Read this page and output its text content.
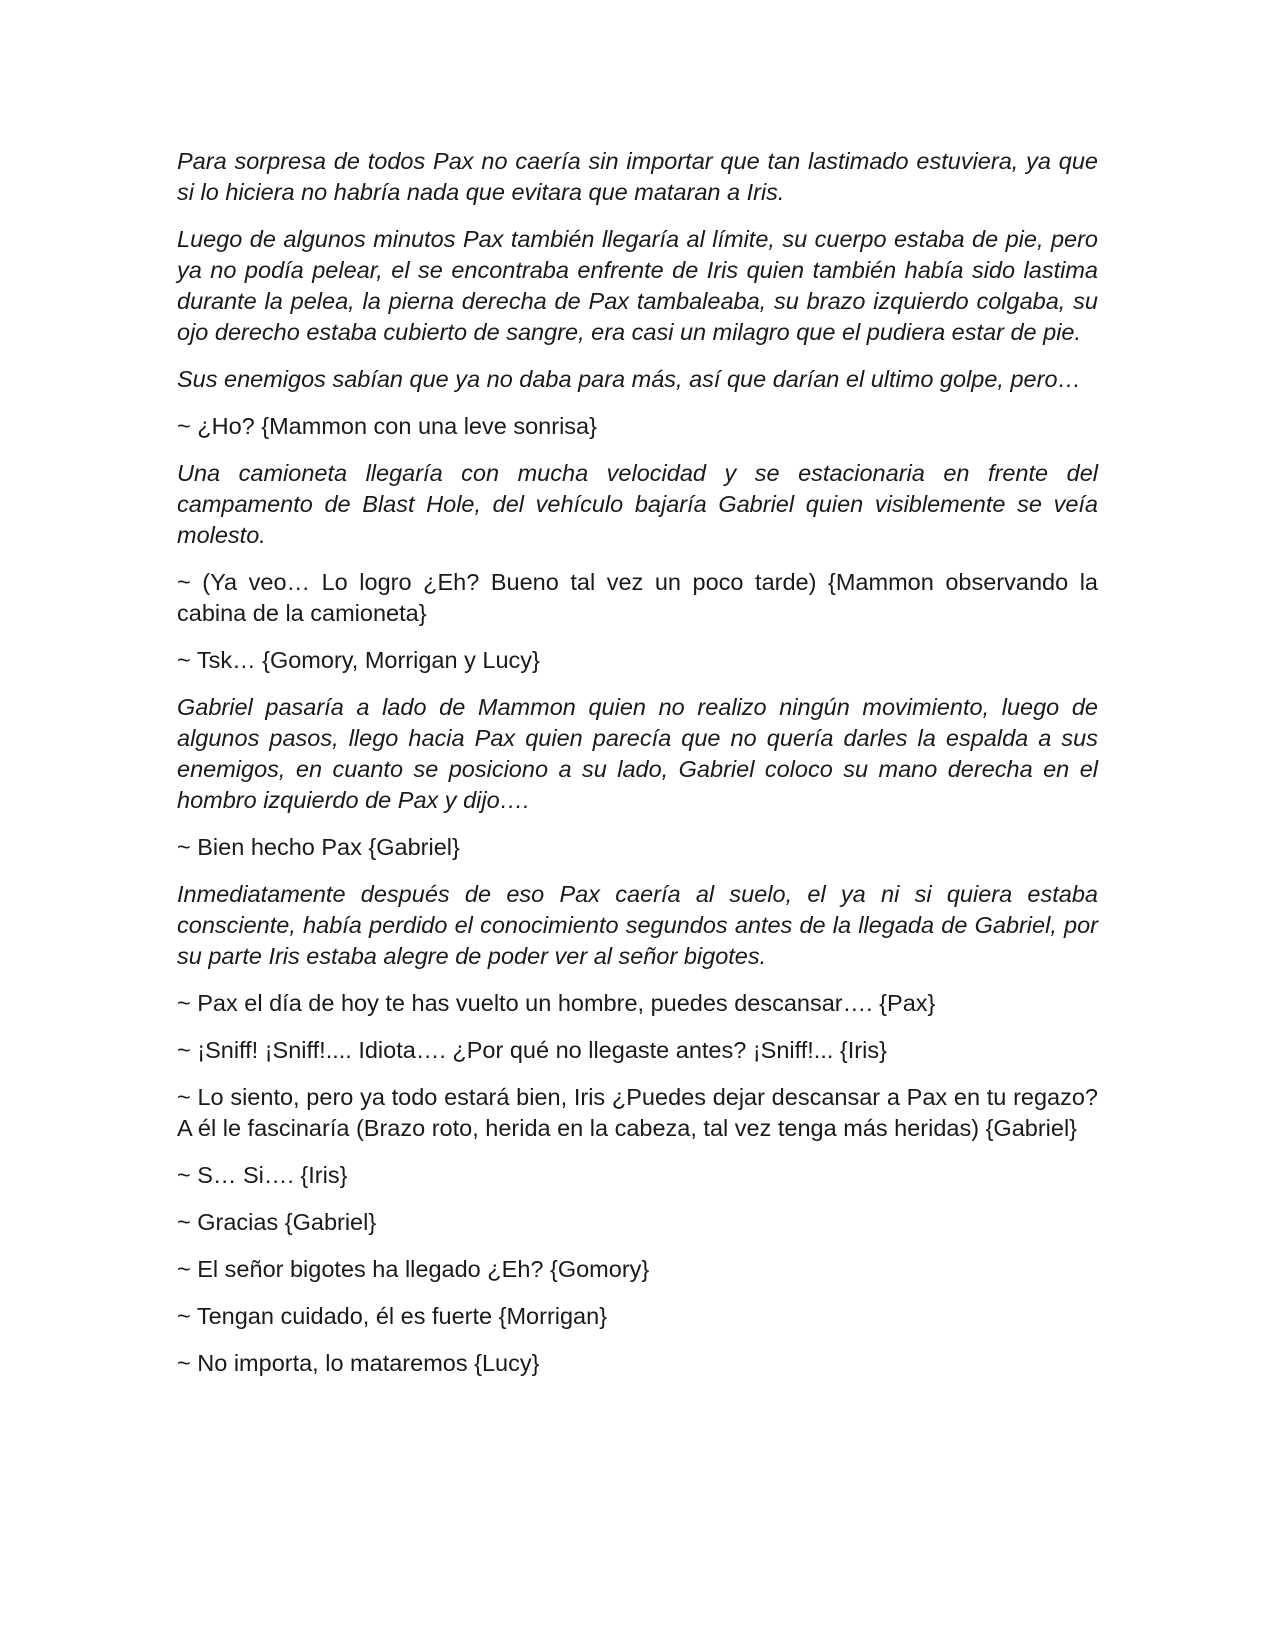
Para sorpresa de todos Pax no caería sin importar que tan lastimado estuviera, ya que si lo hiciera no habría nada que evitara que mataran a Iris.

Luego de algunos minutos Pax también llegaría al límite, su cuerpo estaba de pie, pero ya no podía pelear, el se encontraba enfrente de Iris quien también había sido lastima durante la pelea, la pierna derecha de Pax tambaleaba, su brazo izquierdo colgaba, su ojo derecho estaba cubierto de sangre, era casi un milagro que el pudiera estar de pie.

Sus enemigos sabían que ya no daba para más, así que darían el ultimo golpe, pero…

~ ¿Ho? {Mammon con una leve sonrisa}

Una camioneta llegaría con mucha velocidad y se estacionaria en frente del campamento de Blast Hole, del vehículo bajaría Gabriel quien visiblemente se veía molesto.

~ (Ya veo… Lo logro ¿Eh? Bueno tal vez un poco tarde) {Mammon observando la cabina de la camioneta}

~ Tsk… {Gomory, Morrigan y Lucy}

Gabriel pasaría a lado de Mammon quien no realizo ningún movimiento, luego de algunos pasos, llego hacia Pax quien parecía que no quería darles la espalda a sus enemigos, en cuanto se posiciono a su lado, Gabriel coloco su mano derecha en el hombro izquierdo de Pax y dijo….

~ Bien hecho Pax {Gabriel}

Inmediatamente después de eso Pax caería al suelo, el ya ni si quiera estaba consciente, había perdido el conocimiento segundos antes de la llegada de Gabriel, por su parte Iris estaba alegre de poder ver al señor bigotes.

~ Pax el día de hoy te has vuelto un hombre, puedes descansar…. {Pax}

~ ¡Sniff! ¡Sniff!.... Idiota…. ¿Por qué no llegaste antes? ¡Sniff!... {Iris}

~ Lo siento, pero ya todo estará bien, Iris ¿Puedes dejar descansar a Pax en tu regazo? A él le fascinaría (Brazo roto, herida en la cabeza, tal vez tenga más heridas) {Gabriel}

~ S… Si…. {Iris}

~ Gracias {Gabriel}

~ El señor bigotes ha llegado ¿Eh? {Gomory}

~ Tengan cuidado, él es fuerte {Morrigan}

~ No importa, lo mataremos {Lucy}
